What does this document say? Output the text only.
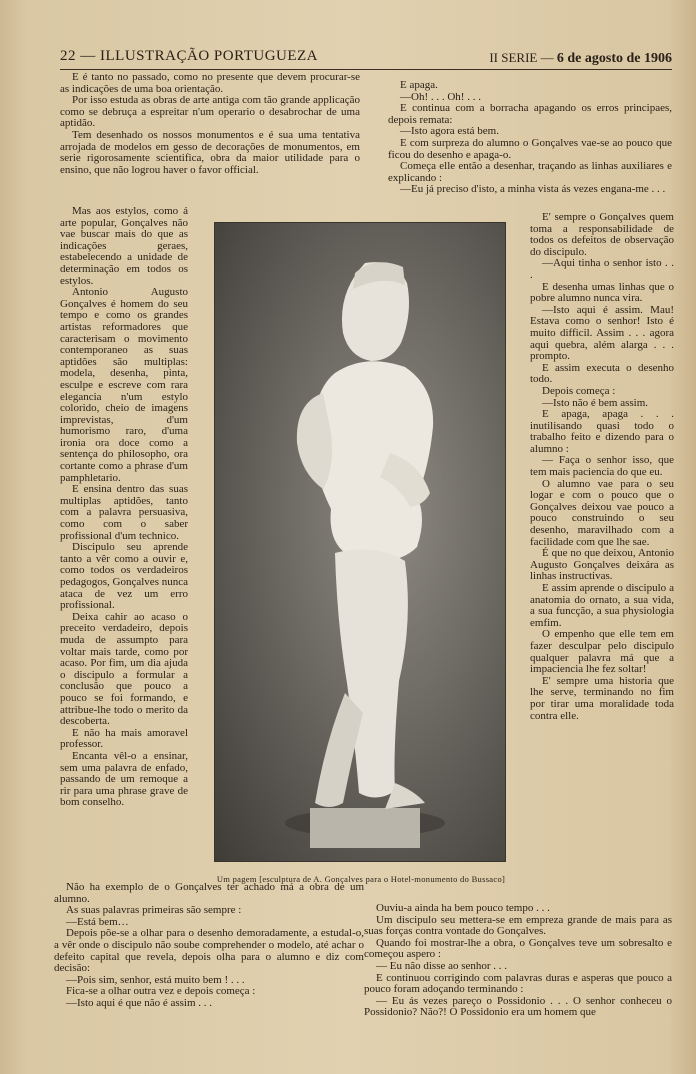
22 — ILLUSTRAÇÃO PORTUGUEZA	II SERIE — 6 de agosto de 1906

E é tanto no passado, como no presente que devem procurar-se as indicações de uma boa orientação.

Por isso estuda as obras de arte antiga com tão grande applicação como se debruça a espreitar n'um operario o desabrochar de uma aptidão.

Tem desenhado os nossos monumentos e é sua uma tentativa arrojada de modelos em gesso de decorações de monumentos, em serie rigorosamente scientifica, obra da maior utilidade para o ensino, que não logrou haver o favor official.

Mas aos estylos, como á arte popular, Gonçalves não vae buscar mais do que as indicações geraes, estabelecendo a unidade de determinação em todos os estylos.

Antonio Augusto Gonçalves é homem do seu tempo e como os grandes artistas reformadores que caracterisam o movimento contemporaneo as suas aptidões são multiplas: modela, desenha, pinta, esculpe e escreve com rara elegancia n'um estylo colorido, cheio de imagens imprevistas, d'um humorismo raro, d'uma ironia ora doce como a sentença do philosopho, ora cortante como a phrase d'um pamphletario.

E ensina dentro das suas multiplas aptidões, tanto com a palavra persuasiva, como com o saber profissional d'um technico.

Discipulo seu aprende tanto a vêr como a ouvir e, como todos os verdadeiros pedagogos, Gonçalves nunca ataca de vez um erro profissional.

Deixa cahir ao acaso o preceito verdadeiro, depois muda de assumpto para voltar mais tarde, como por acaso. Por fim, um dia ajuda o discipulo a formular a conclusão que pouco a pouco se foi formando, e attribue-lhe todo o merito da descoberta.

E não ha mais amoravel professor.

Encanta vêl-o a ensinar, sem uma palavra de enfado, passando de um remoque a rir para uma phrase grave de bom conselho.

E apaga.

—Oh! . . . Oh! . . .

E continua com a borracha apagando os erros principaes, depois remata:

—Isto agora está bem.

E com surpreza do alumno o Gonçalves vae-se ao pouco que ficou do desenho e apaga-o.

Começa elle então a desenhar, traçando as linhas auxiliares e explicando :

—Eu já preciso d'isto, a minha vista ás vezes engana-me . . .

E' sempre o Gonçalves quem toma a responsabilidade de todos os defeitos de observação do discipulo.

—Aqui tinha o senhor isto . . .

E desenha umas linhas que o pobre alumno nunca vira.

—Isto aqui é assim. Mau! Estava como o senhor! Isto é muito difficil. Assim . . . agora aqui quebra, além alarga . . . prompto.

E assim executa o desenho todo.

Depois começa :

—Isto não é bem assim.

E apaga, apaga . . . inutilisando quasi todo o trabalho feito e dizendo para o alumno :

— Faça o senhor isso, que tem mais paciencia do que eu.

O alumno vae para o seu logar e com o pouco que o Gonçalves deixou vae pouco a pouco construindo o seu desenho, maravilhado com a facilidade com que lhe sae.

É que no que deixou, Antonio Augusto Gonçalves deixára as linhas instructivas.

E assim aprende o discipulo a anatomia do ornato, a sua vida, a sua funcção, a sua physiologia emfim.

O empenho que elle tem em fazer desculpar pelo discipulo qualquer palavra má que a impaciencia lhe fez soltar!

E' sempre uma historia que lhe serve, terminando no fim por tirar uma moralidade toda contra elle.

Um pagem [esculptura de A. Gonçalves para o Hotel-monumento do Bussaco]

Não ha exemplo de o Gonçalves ter achado má a obra de um alumno.

As suas palavras primeiras são sempre :

—Está bem…

Depois põe-se a olhar para o desenho demoradamente, a estudal-o, a vêr onde o discipulo não soube comprehender o modelo, até achar o defeito capital que revela, depois olha para o alumno e diz com decisão:

—Pois sim, senhor, está muito bem ! . . .

Fica-se a olhar outra vez e depois começa :

—Isto aqui é que não é assim . . .

Ouviu-a ainda ha bem pouco tempo . . .

Um discipulo seu mettera-se em empreza grande de mais para as suas forças contra vontade do Gonçalves.

Quando foi mostrar-lhe a obra, o Gonçalves teve um sobresalto e começou aspero :

— Eu não disse ao senhor . . .

E continuou corrigindo com palavras duras e asperas que pouco a pouco foram adoçando terminando :

— Eu ás vezes pareço o Possidonio . . . O senhor conheceu o Possidonio? Não?! O Possidonio era um homem que
